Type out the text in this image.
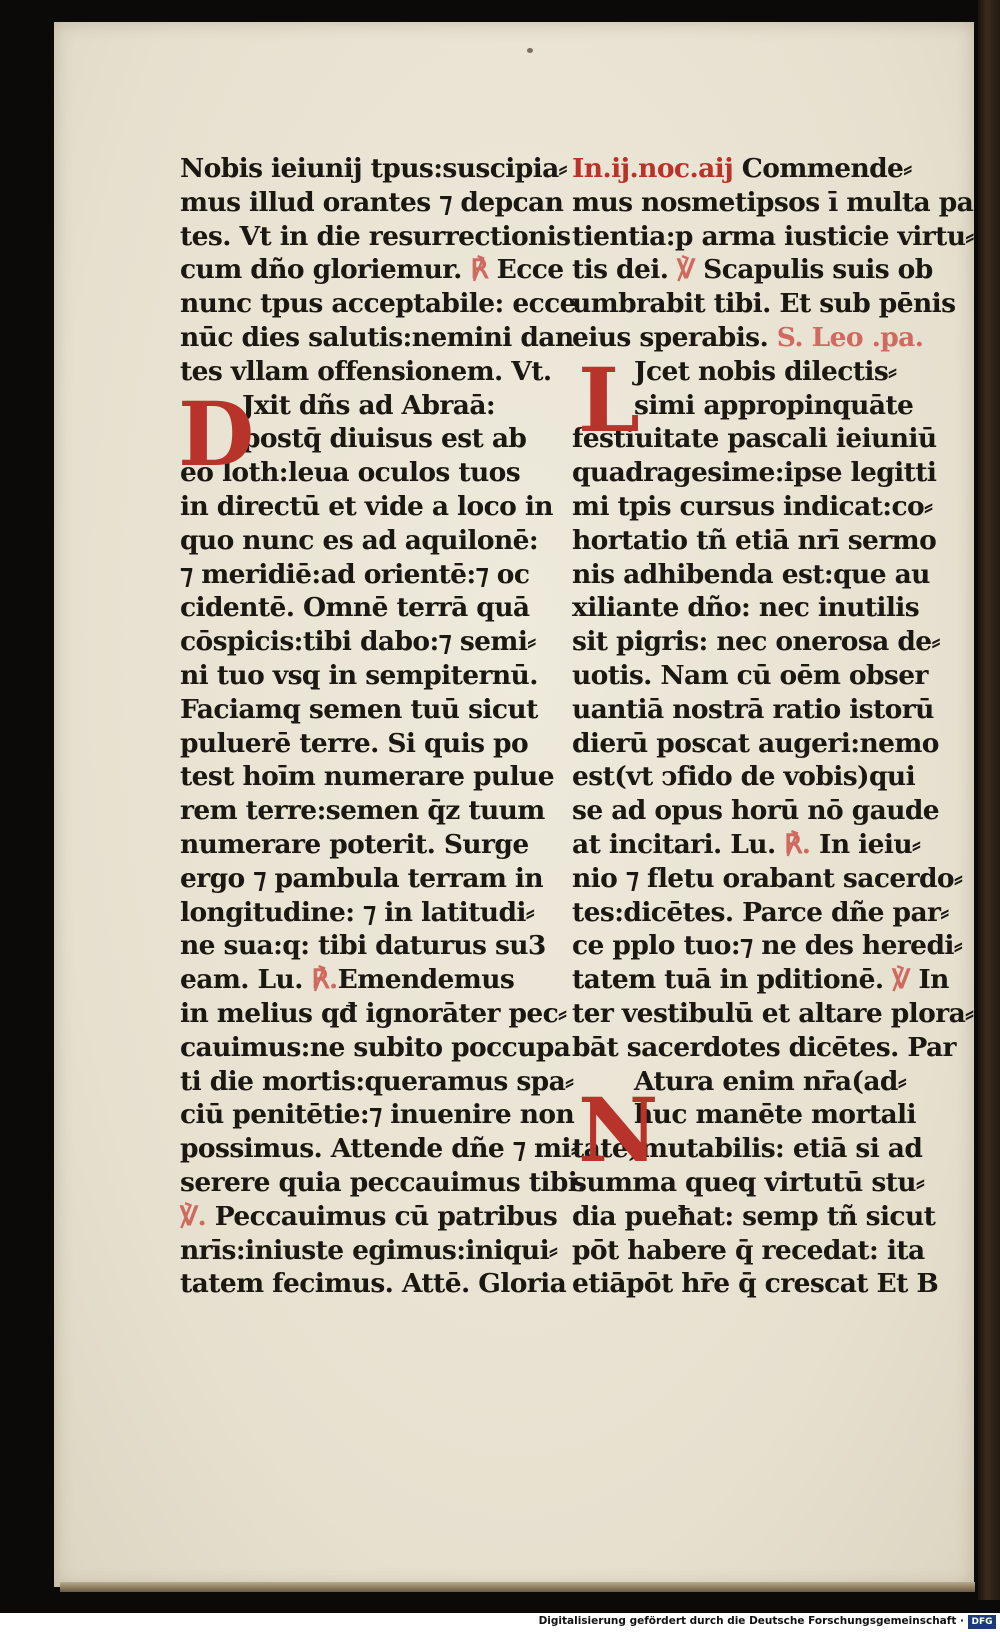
Nobis ieiunij tpus:suscipia⸗
mus illud orantes ⁊ depcan
tes. Vt in die resurrectionis
cum dño gloriemur. ℟ Ecce
nunc tpus acceptabile: ecce
nūc dies salutis:nemini dan
tes vllam offensionem. Vt.
Jxit dñs ad Abraā:
postq̄ diuisus est ab
eo loth:leua oculos tuos
in directū et vide a loco in
quo nunc es ad aquilonē:
⁊ meridiē:ad orientē:⁊ oc
cidentē. Omnē terrā quā
cōspicis:tibi dabo:⁊ semi⸗
ni tuo vsq̧ in sempiternū.
Faciamq̧ semen tuū sicut
puluerē terre. Si quis po
test hoīm numerare pulue
rem terre:semen q̄z tuum
numerare poterit. Surge
ergo ⁊ pambula terram in
longitudine: ⁊ in latitudi⸗
ne sua:q: tibi daturus su3
eam. Lu. ℟.Emendemus
in melius qđ ignorāter pec⸗
cauimus:ne subito poccupa
ti die mortis:queramus spa⸗
ciū penitētie:⁊ inuenire non
possimus. Attende dñe ⁊ mi⸗
serere quia peccauimus tibi.
℣. Peccauimus cū patribus
nrīs:iniuste egimus:iniqui⸗
tatem fecimus. Attē. Gloria
D
In.ij.noc.aij Commende⸗
mus nosmetipsos ī multa pa
tientia:p arma iusticie virtu⸗
tis dei. ℣ Scapulis suis ob
umbrabit tibi. Et sub pēnis
eius sperabis. S. Leo .pa.
Jcet nobis dilectis⸗
simi appropinquāte
festiuitate pascali ieiuniū
quadragesime:ipse legitti
mi tpis cursus indicat:co⸗
hortatio tñ etiā nrī sermo
nis adhibenda est:que au
xiliante dño: nec inutilis
sit pigris: nec onerosa de⸗
uotis. Nam cū oēm obser
uantiā nostrā ratio istorū
dierū poscat augeri:nemo
est(vt ↄfido de vobis)qui
se ad opus horū nō gaude
at incitari. Lu. ℟. In ieiu⸗
nio ⁊ fletu orabant sacerdo⸗
tes:dicētes. Parce dñe par⸗
ce pplo tuo:⁊ ne des heredi⸗
tatem tuā in pditionē. ℣ In
ter vestibulū et altare plora⸗
bāt sacerdotes dicētes. Par
Atura enim nr̄a(ad⸗
huc manēte mortali
tate)mutabilis: etiā si ad
summa queq̧ virtutū stu⸗
dia pueħat: semp tñ sicut
pōt habere q̄ recedat: ita
etiāpōt hr̄e q̄ crescat Et B
L
N
Digitalisierung gefördert durch die Deutsche Forschungsgemeinschaft · DFG
